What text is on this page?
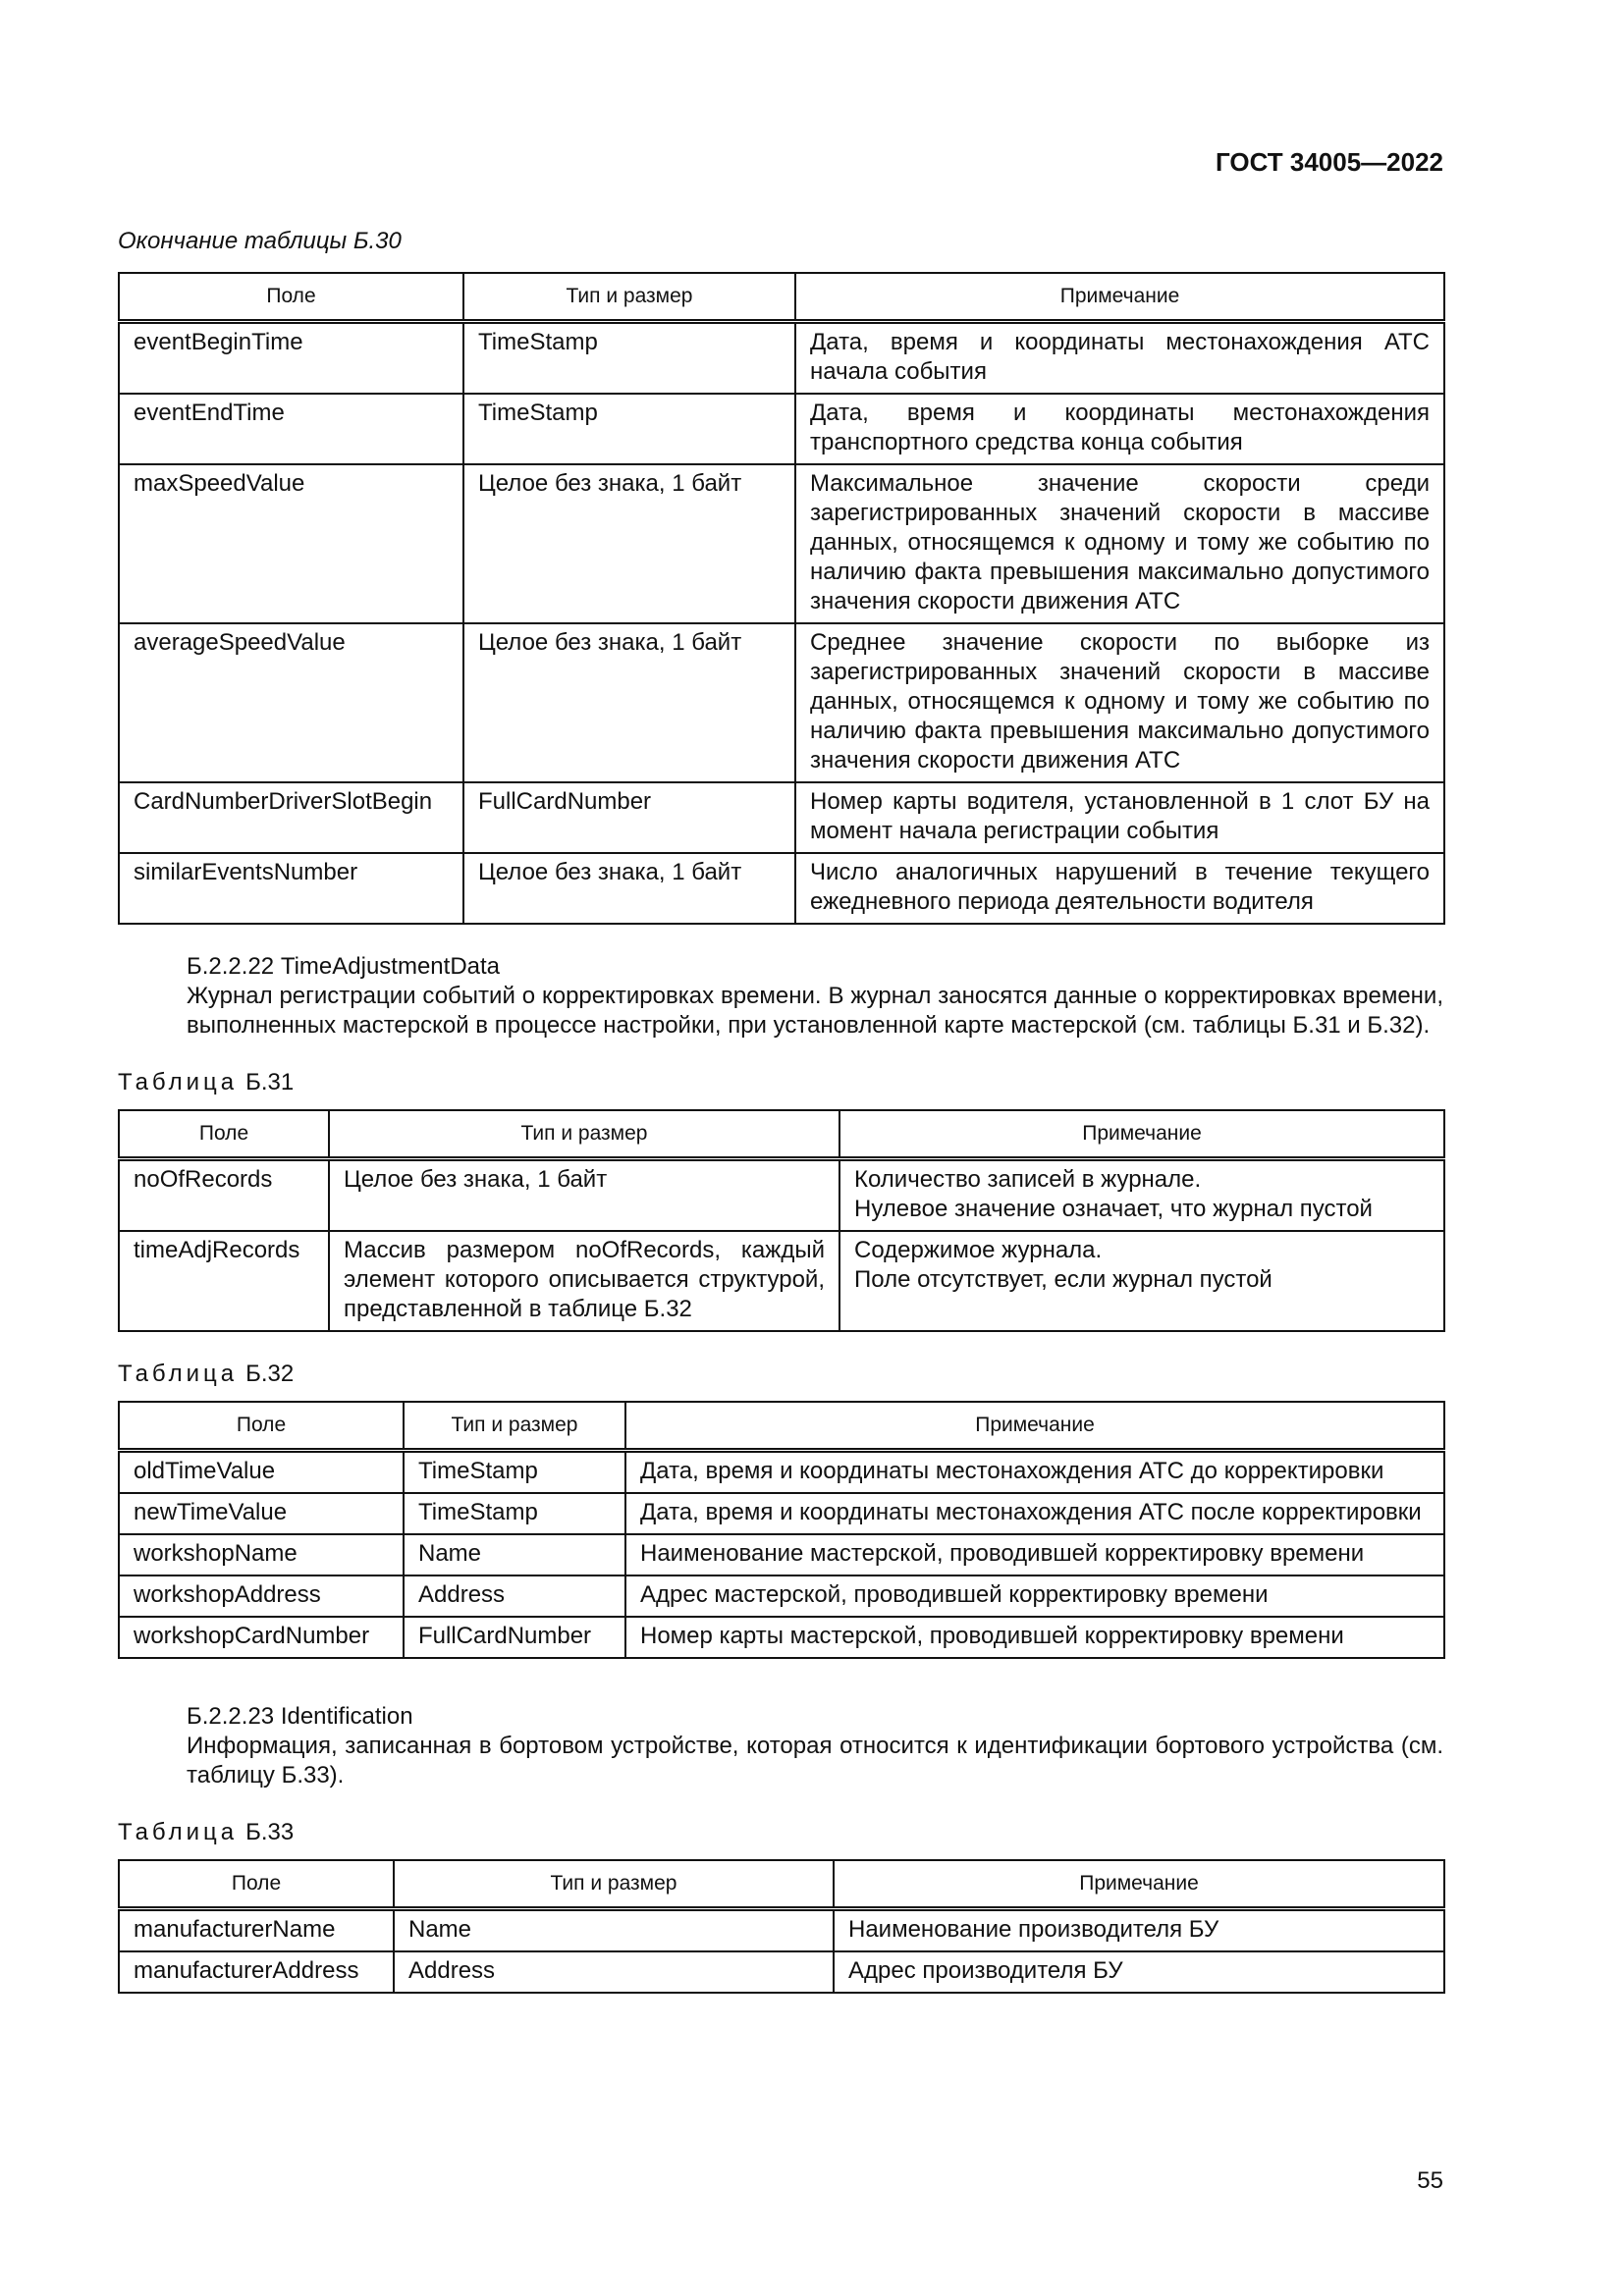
ГОСТ 34005—2022
Окончание таблицы Б.30
Поле	Тип и размер	Примечание
eventBeginTime	TimeStamp	Дата, время и координаты местонахождения АТС начала события
eventEndTime	TimeStamp	Дата, время и координаты местонахождения транспортного средства конца события
maxSpeedValue	Целое без знака, 1 байт	Максимальное значение скорости среди зарегистрированных значений скорости в массиве данных, относящемся к одному и тому же событию по наличию факта превышения максимально допустимого значения скорости движения АТС
averageSpeedValue	Целое без знака, 1 байт	Среднее значение скорости по выборке из зарегистрированных значений скорости в массиве данных, относящемся к одному и тому же событию по наличию факта превышения максимально допустимого значения скорости движения АТС
CardNumberDriverSlotBegin	FullCardNumber	Номер карты водителя, установленной в 1 слот БУ на момент начала регистрации события
similarEventsNumber	Целое без знака, 1 байт	Число аналогичных нарушений в течение текущего ежедневного периода деятельности водителя
Б.2.2.22 TimeAdjustmentData
Журнал регистрации событий о корректировках времени. В журнал заносятся данные о корректировках времени, выполненных мастерской в процессе настройки, при установленной карте мастерской (см. таблицы Б.31 и Б.32).
Таблица Б.31
Поле	Тип и размер	Примечание
noOfRecords	Целое без знака, 1 байт	Количество записей в журнале.
Нулевое значение означает, что журнал пустой

timeAdjRecords	Массив размером noOfRecords, каждый элемент которого описывается структурой, представленной в таблице Б.32	Содержимое журнала.
Поле отсутствует, если журнал пустой
Таблица Б.32
Поле	Тип и размер	Примечание
oldTimeValue	TimeStamp	Дата, время и координаты местонахождения АТС до корректировки
newTimeValue	TimeStamp	Дата, время и координаты местонахождения АТС после корректировки
workshopName	Name	Наименование мастерской, проводившей корректировку времени
workshopAddress	Address	Адрес мастерской, проводившей корректировку времени
workshopCardNumber	FullCardNumber	Номер карты мастерской, проводившей корректировку времени
Б.2.2.23 Identification
Информация, записанная в бортовом устройстве, которая относится к идентификации бортового устройства (см. таблицу Б.33).
Таблица Б.33
Поле	Тип и размер	Примечание
manufacturerName	Name	Наименование производителя БУ
manufacturerAddress	Address	Адрес производителя БУ
55
